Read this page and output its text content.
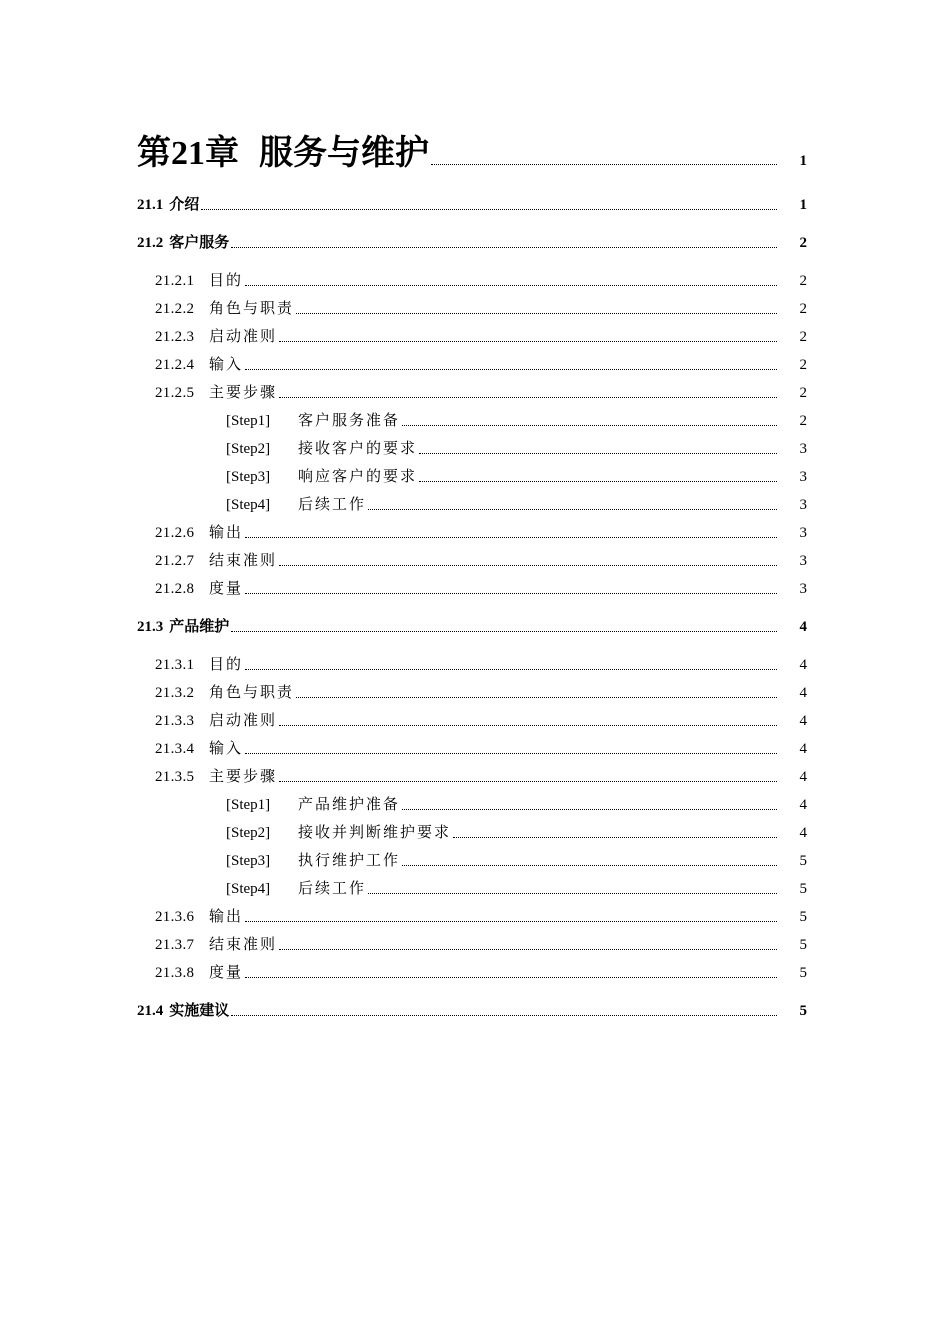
第21章 服务与维护	1
21.1 介绍	1
21.2 客户服务	2
21.2.1 目的	2
21.2.2 角色与职责	2
21.2.3 启动准则	2
21.2.4 输入	2
21.2.5 主要步骤	2
[Step1]	客户服务准备	2
[Step2]	接收客户的要求	3
[Step3]	响应客户的要求	3
[Step4]	后续工作	3
21.2.6 输出	3
21.2.7 结束准则	3
21.2.8 度量	3
21.3 产品维护	4
21.3.1 目的	4
21.3.2 角色与职责	4
21.3.3 启动准则	4
21.3.4 输入	4
21.3.5 主要步骤	4
[Step1]	产品维护准备	4
[Step2]	接收并判断维护要求	4
[Step3]	执行维护工作	5
[Step4]	后续工作	5
21.3.6 输出	5
21.3.7 结束准则	5
21.3.8 度量	5
21.4 实施建议	5
